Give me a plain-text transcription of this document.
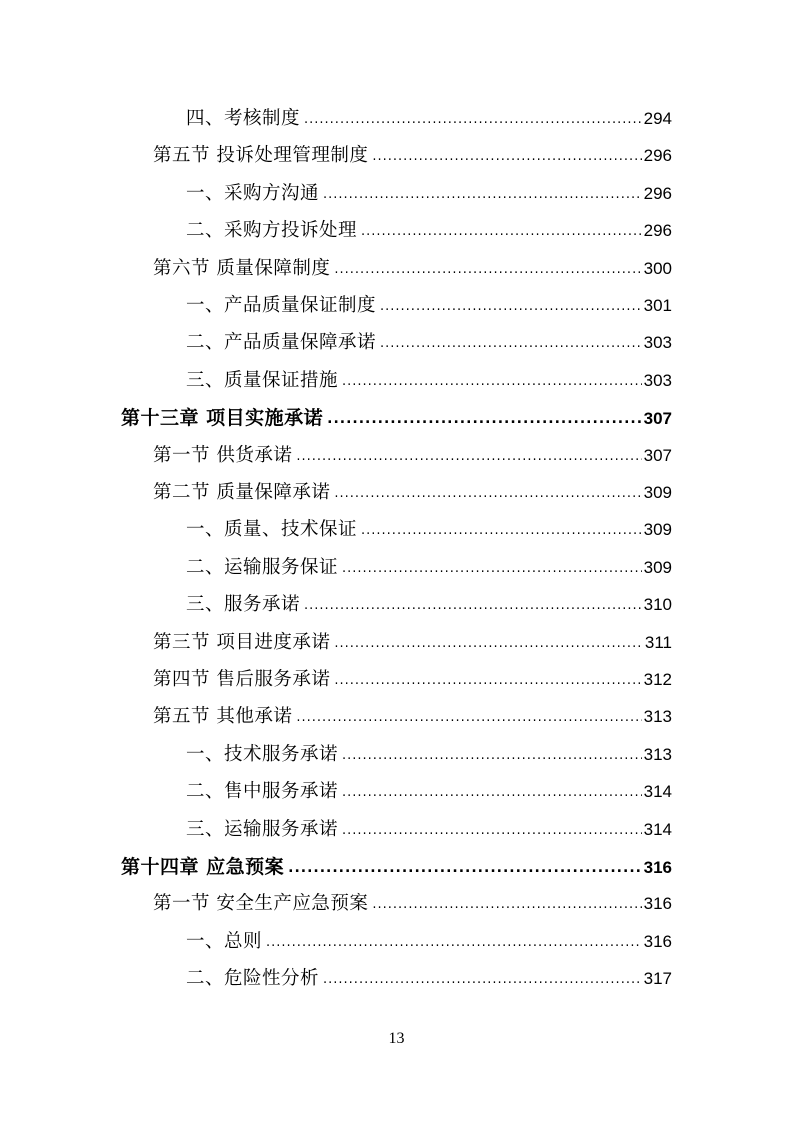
四、考核制度 .....	294
第五节 投诉处理管理制度 .....	296
一、采购方沟通 .....	296
二、采购方投诉处理 .....	296
第六节 质量保障制度 .....	300
一、产品质量保证制度 .....	301
二、产品质量保障承诺 .....	303
三、质量保证措施 .....	303
第十三章 项目实施承诺 .....	307
第一节 供货承诺 .....	307
第二节 质量保障承诺 .....	309
一、质量、技术保证 .....	309
二、运输服务保证 .....	309
三、服务承诺 .....	310
第三节 项目进度承诺 .....	311
第四节 售后服务承诺 .....	312
第五节 其他承诺 .....	313
一、技术服务承诺 .....	313
二、售中服务承诺 .....	314
三、运输服务承诺 .....	314
第十四章 应急预案 .....	316
第一节 安全生产应急预案 .....	316
一、总则 .....	316
二、危险性分析 .....	317
13
